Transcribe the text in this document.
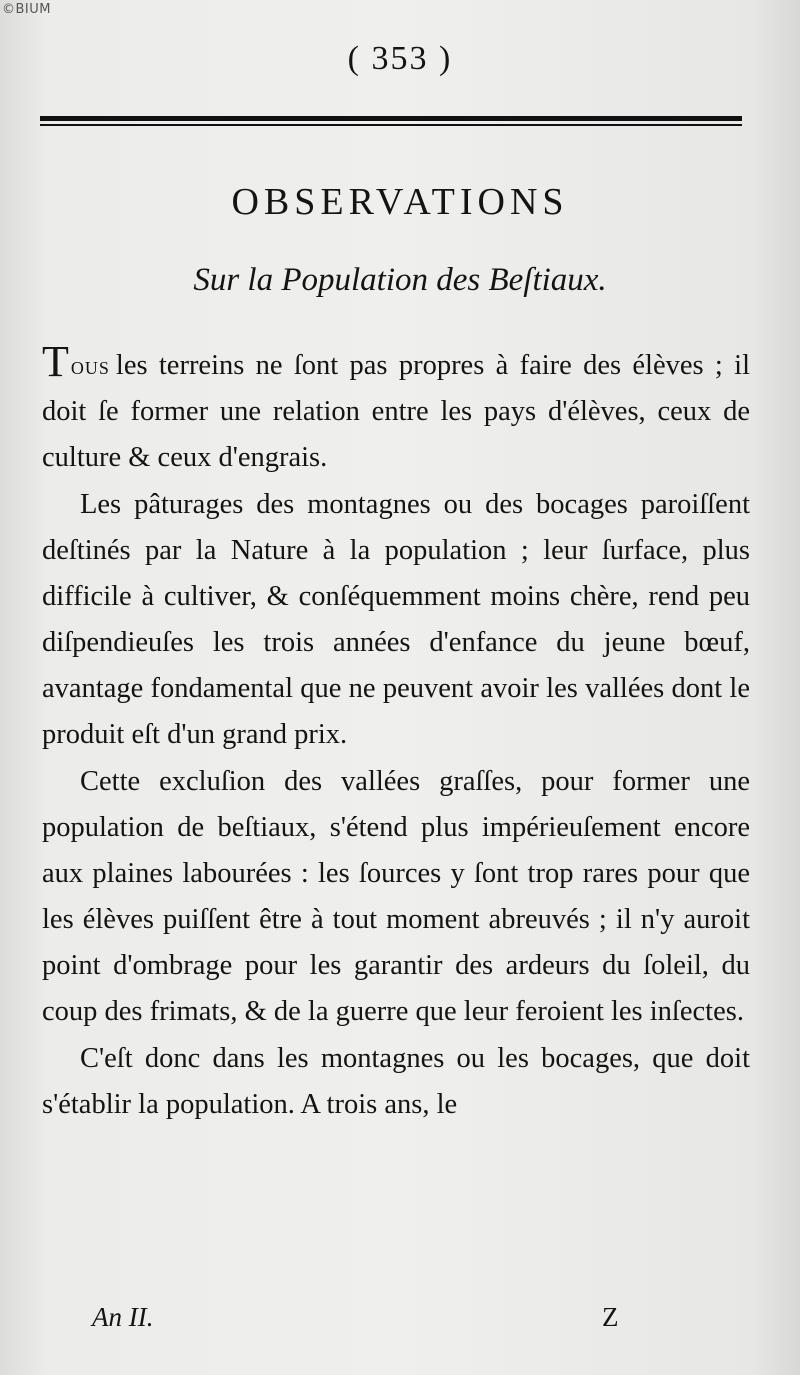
©BIUM
( 353 )
OBSERVATIONS
Sur la Population des Beſtiaux.

Tous les terreins ne ſont pas propres à faire des élèves ; il doit ſe former une relation entre les pays d'élèves, ceux de culture & ceux d'engrais.

Les pâturages des montagnes ou des bocages paroiſſent deſtinés par la Nature à la population ; leur ſurface, plus difficile à cultiver, & conſéquemment moins chère, rend peu diſpendieuſes les trois années d'enfance du jeune bœuf, avantage fondamental que ne peuvent avoir les vallées dont le produit eſt d'un grand prix.

Cette excluſion des vallées graſſes, pour former une population de beſtiaux, s'étend plus impérieuſement encore aux plaines labourées : les ſources y ſont trop rares pour que les élèves puiſſent être à tout moment abreuvés ; il n'y auroit point d'ombrage pour les garantir des ardeurs du ſoleil, du coup des frimats, & de la guerre que leur feroient les inſectes.

C'eſt donc dans les montagnes ou les bocages, que doit s'établir la population. A trois ans, le

An II.	Z
